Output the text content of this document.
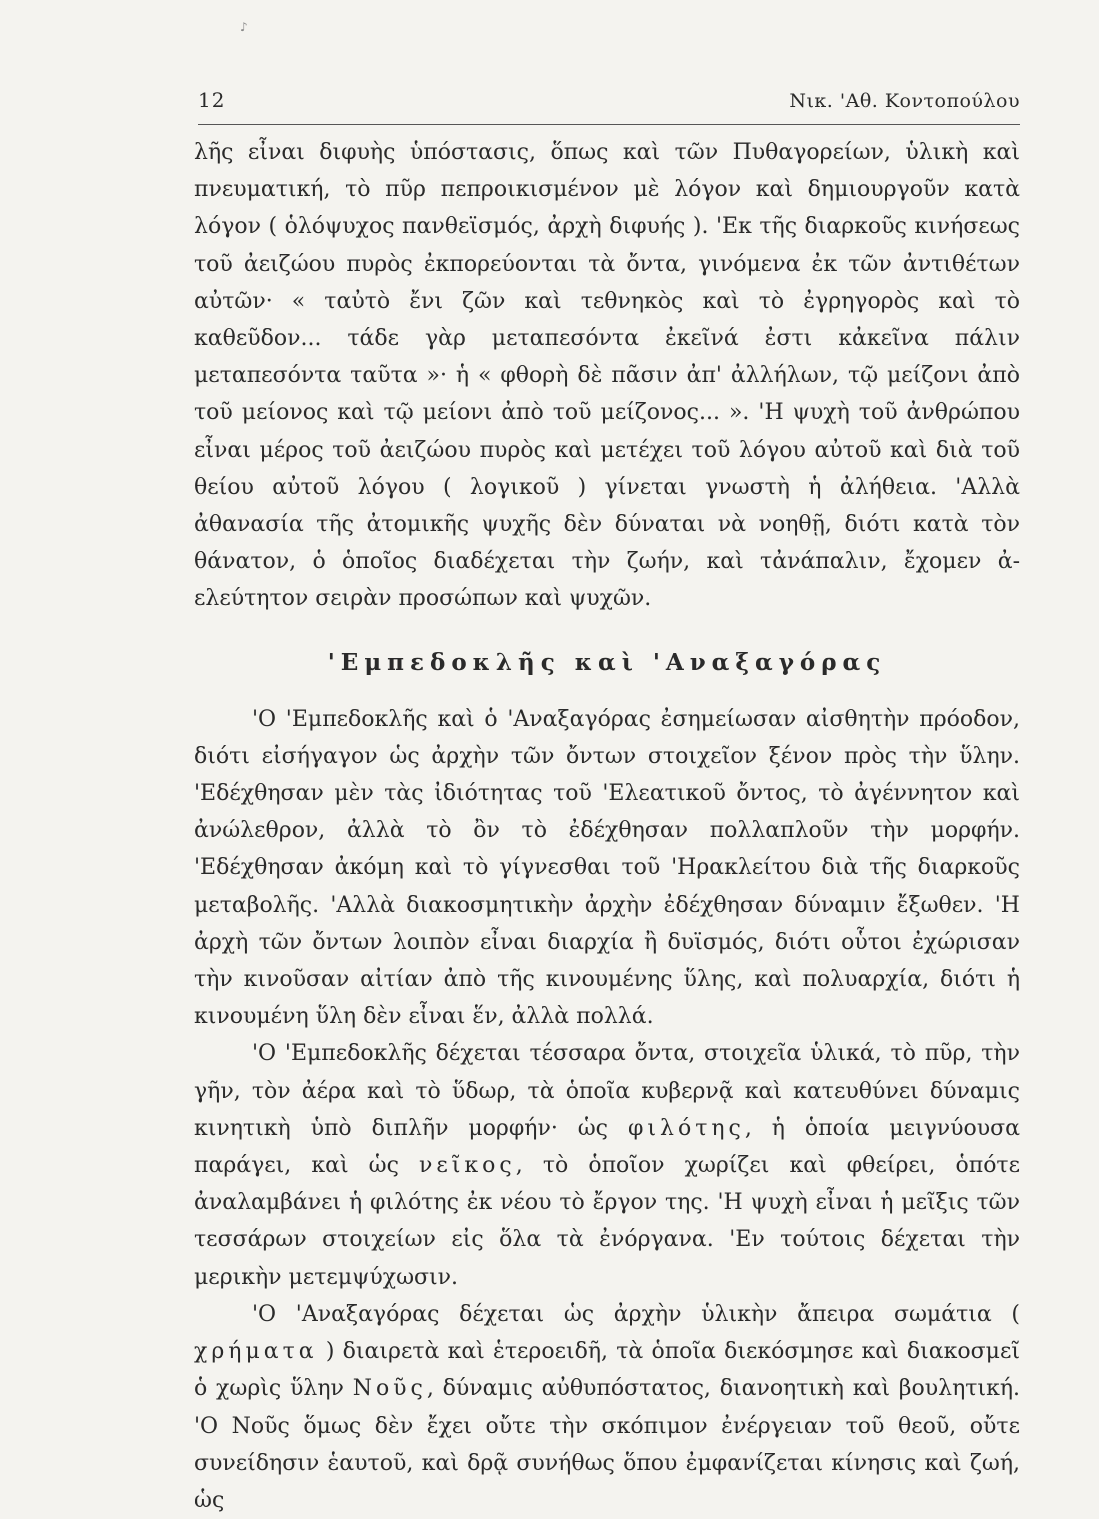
♪
12	Νικ. 'Αθ. Κοντοπούλου

λῆς εἶναι διφυὴς ὑπόστασις, ὅπως καὶ τῶν Πυθαγορείων, ὑλικὴ καὶ πνευματική, τὸ πῦρ πεπροικισμένον μὲ λόγον καὶ δημιουργοῦν κατὰ λόγον ( ὁλόψυχος πανθεϊσμός, ἀρχὴ διφυής ). 'Εκ τῆς διαρκοῦς κινήσεως τοῦ ἀειζώου πυρὸς ἐκπορεύονται τὰ ὄντα, γινόμενα ἐκ τῶν ἀντιθέτων αὐτῶν· « ταὐτὸ ἔνι ζῶν καὶ τεθνηκὸς καὶ τὸ ἐγρηγορὸς καὶ τὸ καθεῦδον... τάδε γὰρ μεταπεσόντα ἐκεῖνά ἐστι κἀκεῖνα πάλιν μεταπεσόντα ταῦτα »· ἡ « φθορὴ δὲ πᾶσιν ἀπ' ἀλλήλων, τῷ μείζονι ἀπὸ τοῦ μείονος καὶ τῷ μείονι ἀπὸ τοῦ μείζονος... ». 'Η ψυχὴ τοῦ ἀνθρώπου εἶναι μέρος τοῦ ἀειζώου πυρὸς καὶ μετέχει τοῦ λόγου αὐτοῦ καὶ διὰ τοῦ θείου αὐτοῦ λόγου ( λογικοῦ ) γίνεται γνωστὴ ἡ ἀλήθεια. 'Αλλὰ ἀθανασία τῆς ἀτομικῆς ψυχῆς δὲν δύναται νὰ νοηθῇ, διότι κατὰ τὸν θάνατον, ὁ ὁποῖος διαδέχεται τὴν ζωήν, καὶ τἀνάπαλιν, ἔχομεν ἀ-ελεύτητον σειρὰν προσώπων καὶ ψυχῶν.

'Εμπεδοκλῆς καὶ 'Αναξαγόρας

'Ο 'Εμπεδοκλῆς καὶ ὁ 'Αναξαγόρας ἐσημείωσαν αἰσθητὴν πρόοδον, διότι εἰσήγαγον ὡς ἀρχὴν τῶν ὄντων στοιχεῖον ξένον πρὸς τὴν ὕλην. 'Εδέχθησαν μὲν τὰς ἰδιότητας τοῦ 'Ελεατικοῦ ὄντος, τὸ ἀγέννητον καὶ ἀνώλεθρον, ἀλλὰ τὸ ὂν τὸ ἐδέχθησαν πολλαπλοῦν τὴν μορφήν. 'Εδέχθησαν ἀκόμη καὶ τὸ γίγνεσθαι τοῦ 'Ηρακλείτου διὰ τῆς διαρκοῦς μεταβολῆς. 'Αλλὰ διακοσμητικὴν ἀρχὴν ἐδέχθησαν δύναμιν ἔξωθεν. 'Η ἀρχὴ τῶν ὄντων λοιπὸν εἶναι διαρχία ἢ δυϊσμός, διότι οὗτοι ἐχώρισαν τὴν κινοῦσαν αἰτίαν ἀπὸ τῆς κινουμένης ὕλης, καὶ πολυαρχία, διότι ἡ κινουμένη ὕλη δὲν εἶναι ἕν, ἀλλὰ πολλά.

'Ο 'Εμπεδοκλῆς δέχεται τέσσαρα ὄντα, στοιχεῖα ὑλικά, τὸ πῦρ, τὴν γῆν, τὸν ἀέρα καὶ τὸ ὕδωρ, τὰ ὁποῖα κυβερνᾷ καὶ κατευθύνει δύναμις κινητικὴ ὑπὸ διπλῆν μορφήν· ὡς φιλότης, ἡ ὁποία μειγνύουσα παράγει, καὶ ὡς νεῖκος, τὸ ὁποῖον χωρίζει καὶ φθείρει, ὁπότε ἀναλαμβάνει ἡ φιλότης ἐκ νέου τὸ ἔργον της. 'Η ψυχὴ εἶναι ἡ μεῖξις τῶν τεσσάρων στοιχείων εἰς ὅλα τὰ ἐνόργανα. 'Εν τούτοις δέχεται τὴν μερικὴν μετεμψύχωσιν.

'Ο 'Αναξαγόρας δέχεται ὡς ἀρχὴν ὑλικὴν ἄπειρα σωμάτια ( χρήματα ) διαιρετὰ καὶ ἑτεροειδῆ, τὰ ὁποῖα διεκόσμησε καὶ διακοσμεῖ ὁ χωρὶς ὕλην Νοῦς, δύναμις αὐθυπόστατος, διανοητικὴ καὶ βουλητική. 'Ο Νοῦς ὅμως δὲν ἔχει οὔτε τὴν σκόπιμον ἐνέργειαν τοῦ θεοῦ, οὔτε συνείδησιν ἑαυτοῦ, καὶ δρᾷ συνήθως ὅπου ἐμφανίζεται κίνησις καὶ ζωή, ὡς
